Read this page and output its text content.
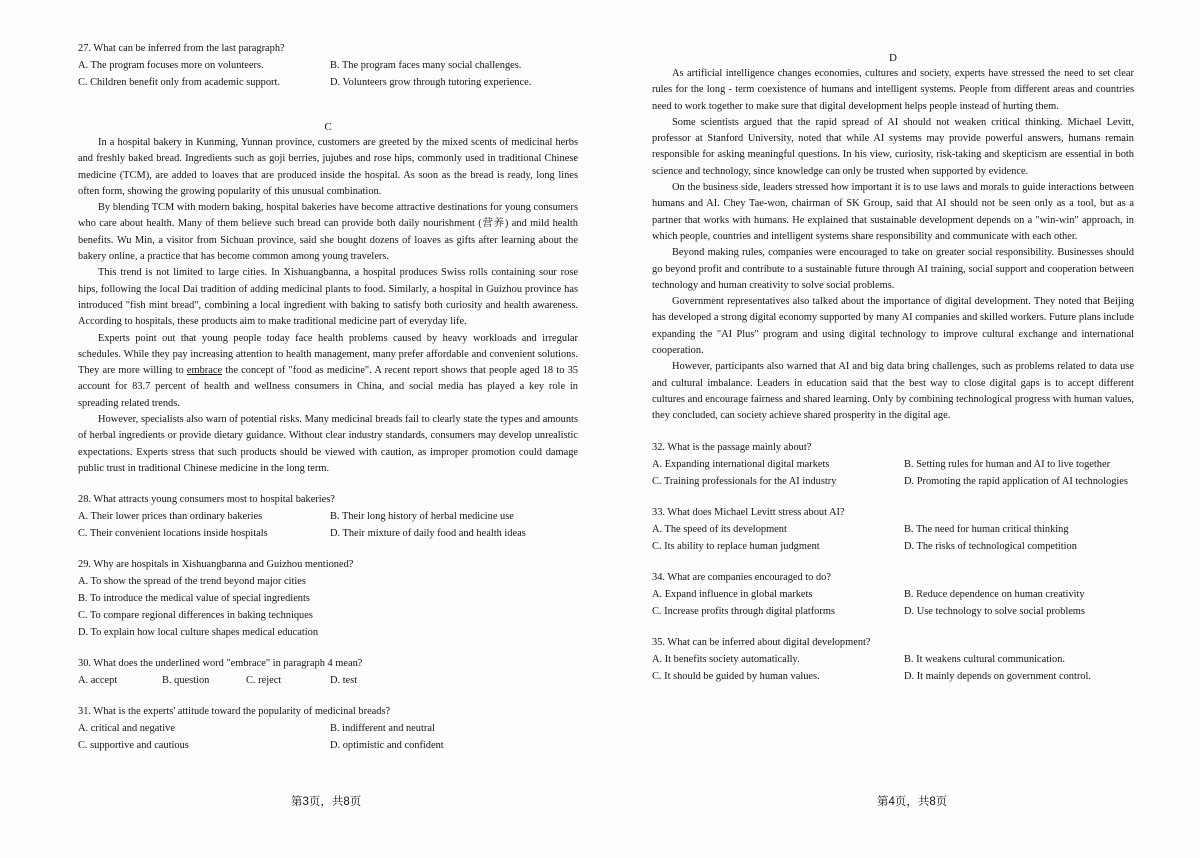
27. What can be inferred from the last paragraph?

A. The program focuses more on volunteers.	B. The program faces many social challenges.
C. Children benefit only from academic support.	D. Volunteers grow through tutoring experience.

C

In a hospital bakery in Kunming, Yunnan province, customers are greeted by the mixed scents of medicinal herbs and freshly baked bread. Ingredients such as goji berries, jujubes and rose hips, commonly used in traditional Chinese medicine (TCM), are added to loaves that are produced inside the hospital. As soon as the bread is ready, long lines often form, showing the growing popularity of this unusual combination.

By blending TCM with modern baking, hospital bakeries have become attractive destinations for young consumers who care about health. Many of them believe such bread can provide both daily nourishment (营养) and mild health benefits. Wu Min, a visitor from Sichuan province, said she bought dozens of loaves as gifts after learning about the bakery online, a practice that has become common among young travelers.

This trend is not limited to large cities. In Xishuangbanna, a hospital produces Swiss rolls containing sour rose hips, following the local Dai tradition of adding medicinal plants to food. Similarly, a hospital in Guizhou province has introduced "fish mint bread", combining a local ingredient with baking to satisfy both curiosity and health awareness. According to hospitals, these products aim to make traditional medicine part of everyday life.

Experts point out that young people today face health problems caused by heavy workloads and irregular schedules. While they pay increasing attention to health management, many prefer affordable and convenient solutions. They are more willing to embrace the concept of "food as medicine". A recent report shows that people aged 18 to 35 account for 83.7 percent of health and wellness consumers in China, and social media has played a key role in spreading related trends.

However, specialists also warn of potential risks. Many medicinal breads fail to clearly state the types and amounts of herbal ingredients or provide dietary guidance. Without clear industry standards, consumers may develop unrealistic expectations. Experts stress that such products should be viewed with caution, as improper promotion could damage public trust in traditional Chinese medicine in the long term.

28. What attracts young consumers most to hospital bakeries?

A. Their lower prices than ordinary bakeries	B. Their long history of herbal medicine use
C. Their convenient locations inside hospitals	D. Their mixture of daily food and health ideas

29. Why are hospitals in Xishuangbanna and Guizhou mentioned?

A. To show the spread of the trend beyond major cities

B. To introduce the medical value of special ingredients

C. To compare regional differences in baking techniques

D. To explain how local culture shapes medical education

30. What does the underlined word "embrace" in paragraph 4 mean?

A. accept	B. question	C. reject	D. test

31. What is the experts' attitude toward the popularity of medicinal breads?

A. critical and negative	B. indifferent and neutral
C. supportive and cautious	D. optimistic and confident
第3页，共8页

D

As artificial intelligence changes economies, cultures and society, experts have stressed the need to set clear rules for the long - term coexistence of humans and intelligent systems. People from different areas and countries need to work together to make sure that digital development helps people instead of hurting them.

Some scientists argued that the rapid spread of AI should not weaken critical thinking. Michael Levitt, professor at Stanford University, noted that while AI systems may provide powerful answers, humans remain responsible for asking meaningful questions. In his view, curiosity, risk-taking and skepticism are essential in both science and technology, since knowledge can only be trusted when supported by evidence.

On the business side, leaders stressed how important it is to use laws and morals to guide interactions between humans and AI. Chey Tae-won, chairman of SK Group, said that AI should not be seen only as a tool, but as a partner that works with humans. He explained that sustainable development depends on a "win-win" approach, in which people, countries and intelligent systems share responsibility and communicate with each other.

Beyond making rules, companies were encouraged to take on greater social responsibility. Businesses should go beyond profit and contribute to a sustainable future through AI training, social support and cooperation between technology and human creativity to solve social problems.

Government representatives also talked about the importance of digital development. They noted that Beijing has developed a strong digital economy supported by many AI companies and skilled workers. Future plans include expanding the "AI Plus" program and using digital technology to improve cultural exchange and international cooperation.

However, participants also warned that AI and big data bring challenges, such as problems related to data use and cultural imbalance. Leaders in education said that the best way to close digital gaps is to accept different cultures and encourage fairness and shared learning. Only by combining technological progress with human values, they concluded, can society achieve shared prosperity in the digital age.

32. What is the passage mainly about?

A. Expanding international digital markets	B. Setting rules for human and AI to live together
C. Training professionals for the AI industry	D. Promoting the rapid application of AI technologies

33. What does Michael Levitt stress about AI?

A. The speed of its development	B. The need for human critical thinking
C. Its ability to replace human judgment	D. The risks of technological competition

34. What are companies encouraged to do?

A. Expand influence in global markets	B. Reduce dependence on human creativity
C. Increase profits through digital platforms	D. Use technology to solve social problems

35. What can be inferred about digital development?

A. It benefits society automatically.	B. It weakens cultural communication.
C. It should be guided by human values.	D. It mainly depends on government control.
第4页，共8页
